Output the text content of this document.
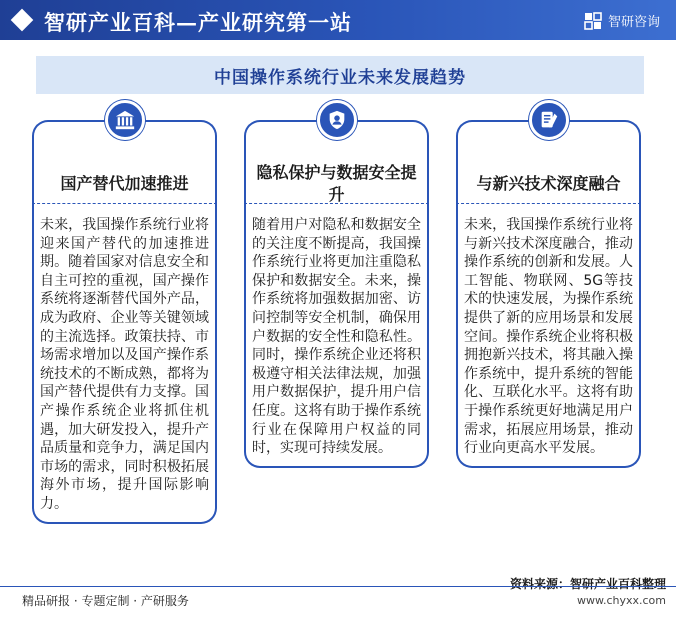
智研产业百科—产业研究第一站	智研咨询
中国操作系统行业未来发展趋势
国产替代加速推进

未来，我国操作系统行业将迎来国产替代的加速推进期。随着国家对信息安全和自主可控的重视，国产操作系统将逐渐替代国外产品，成为政府、企业等关键领域的主流选择。政策扶持、市场需求增加以及国产操作系统技术的不断成熟，都将为国产替代提供有力支撑。国产操作系统企业将抓住机遇，加大研发投入，提升产品质量和竞争力，满足国内市场的需求，同时积极拓展海外市场，提升国际影响力。

隐私保护与数据安全提升

随着用户对隐私和数据安全的关注度不断提高，我国操作系统行业将更加注重隐私保护和数据安全。未来，操作系统将加强数据加密、访问控制等安全机制，确保用户数据的安全性和隐私性。同时，操作系统企业还将积极遵守相关法律法规，加强用户数据保护，提升用户信任度。这将有助于操作系统行业在保障用户权益的同时，实现可持续发展。

与新兴技术深度融合

未来，我国操作系统行业将与新兴技术深度融合，推动操作系统的创新和发展。人工智能、物联网、5G等技术的快速发展，为操作系统提供了新的应用场景和发展空间。操作系统企业将积极拥抱新兴技术，将其融入操作系统中，提升系统的智能化、互联化水平。这将有助于操作系统更好地满足用户需求，拓展应用场景，推动行业向更高水平发展。

资料来源：智研产业百科整理
精品研报 · 专题定制 · 产研服务	www.chyxx.com
